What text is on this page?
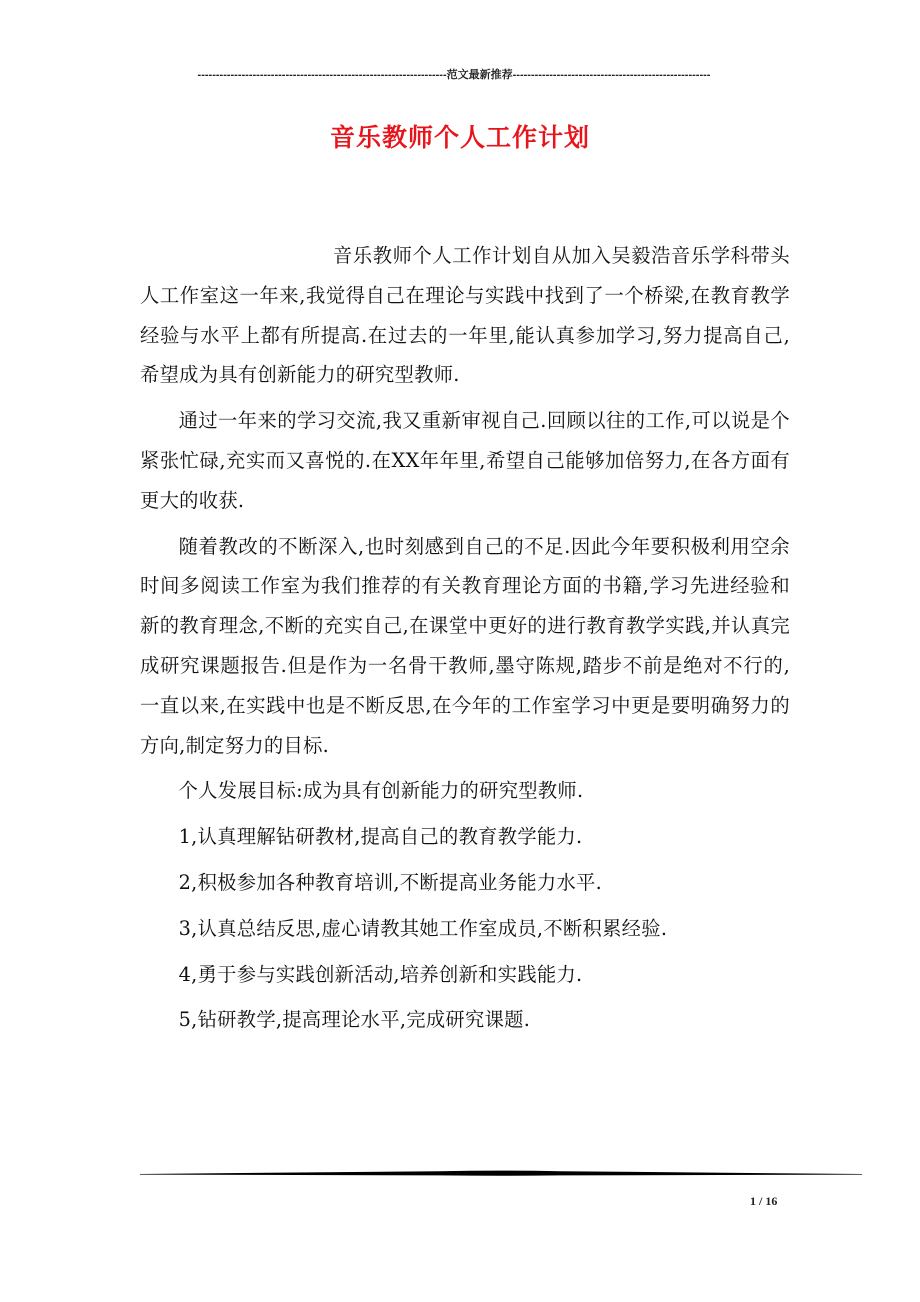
--------------------------------------------------------------------范文最新推荐------------------------------------------------------
音乐教师个人工作计划

音乐教师个人工作计划自从加入吴毅浩音乐学科带头人工作室这一年来,我觉得自己在理论与实践中找到了一个桥梁,在教育教学经验与水平上都有所提高.在过去的一年里,能认真参加学习,努力提高自己,希望成为具有创新能力的研究型教师.

通过一年来的学习交流,我又重新审视自己.回顾以往的工作,可以说是个紧张忙碌,充实而又喜悦的.在XX年年里,希望自己能够加倍努力,在各方面有更大的收获.

随着教改的不断深入,也时刻感到自己的不足.因此今年要积极利用空余时间多阅读工作室为我们推荐的有关教育理论方面的书籍,学习先进经验和新的教育理念,不断的充实自己,在课堂中更好的进行教育教学实践,并认真完成研究课题报告.但是作为一名骨干教师,墨守陈规,踏步不前是绝对不行的,一直以来,在实践中也是不断反思,在今年的工作室学习中更是要明确努力的方向,制定努力的目标.

个人发展目标:成为具有创新能力的研究型教师.

1,认真理解钻研教材,提高自己的教育教学能力.

2,积极参加各种教育培训,不断提高业务能力水平.

3,认真总结反思,虚心请教其她工作室成员,不断积累经验.

4,勇于参与实践创新活动,培养创新和实践能力.

5,钻研教学,提高理论水平,完成研究课题.

1 / 16
